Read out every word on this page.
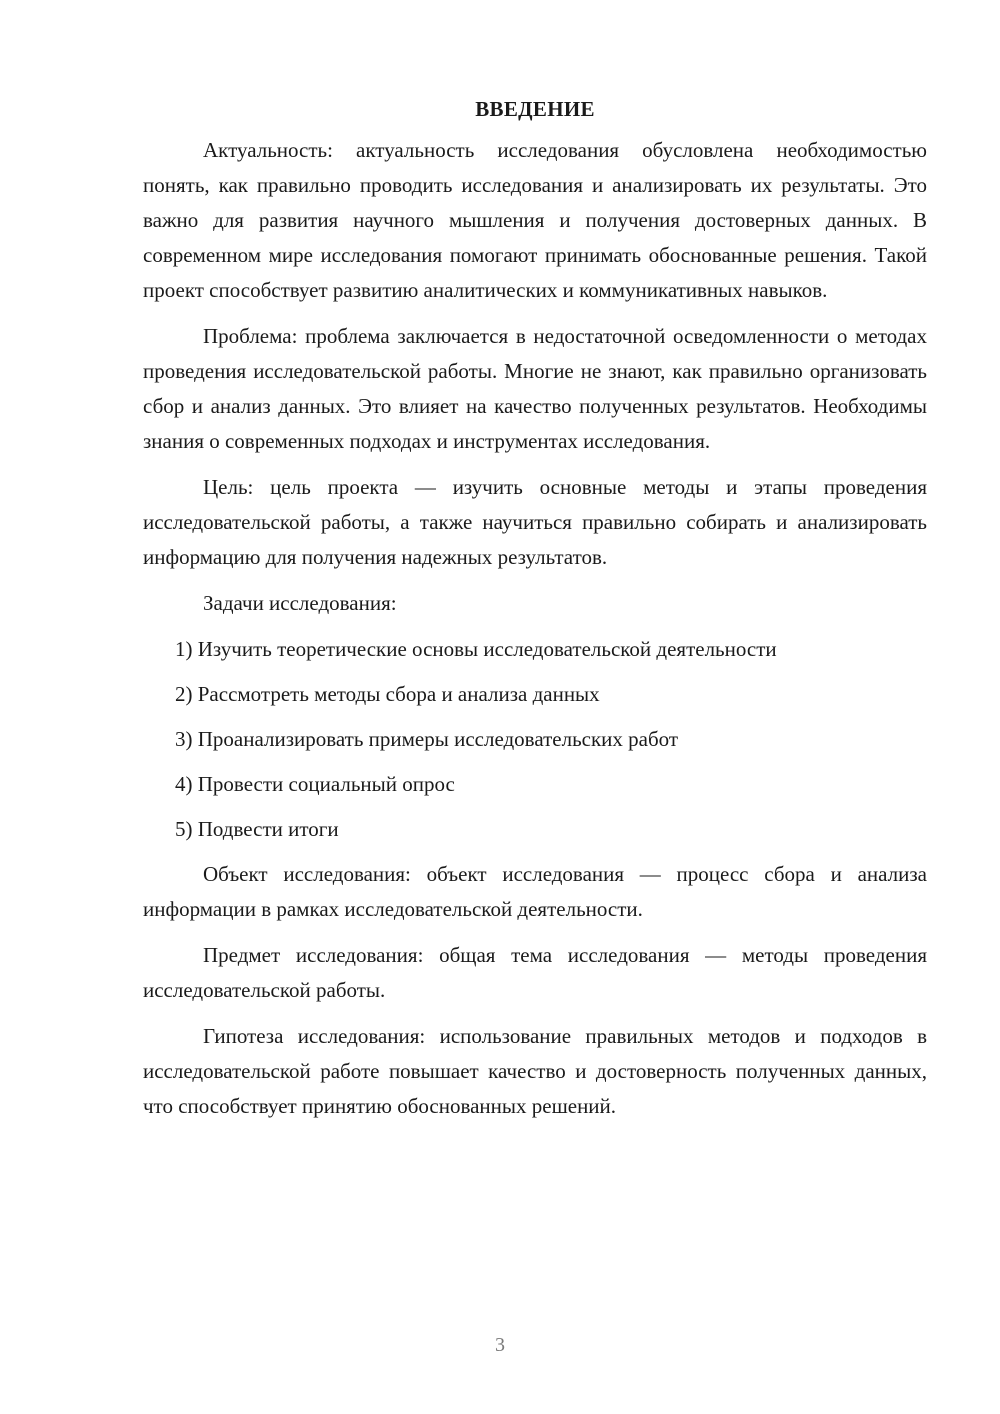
ВВЕДЕНИЕ

Актуальность: актуальность исследования обусловлена необходимостью понять, как правильно проводить исследования и анализировать их результаты. Это важно для развития научного мышления и получения достоверных данных. В современном мире исследования помогают принимать обоснованные решения. Такой проект способствует развитию аналитических и коммуникативных навыков.

Проблема: проблема заключается в недостаточной осведомленности о методах проведения исследовательской работы. Многие не знают, как правильно организовать сбор и анализ данных. Это влияет на качество полученных результатов. Необходимы знания о современных подходах и инструментах исследования.

Цель: цель проекта — изучить основные методы и этапы проведения исследовательской работы, а также научиться правильно собирать и анализировать информацию для получения надежных результатов.

Задачи исследования:

1) Изучить теоретические основы исследовательской деятельности
2) Рассмотреть методы сбора и анализа данных
3) Проанализировать примеры исследовательских работ
4) Провести социальный опрос
5) Подвести итоги

Объект исследования: объект исследования — процесс сбора и анализа информации в рамках исследовательской деятельности.

Предмет исследования: общая тема исследования — методы проведения исследовательской работы.

Гипотеза исследования: использование правильных методов и подходов в исследовательской работе повышает качество и достоверность полученных данных, что способствует принятию обоснованных решений.

3
